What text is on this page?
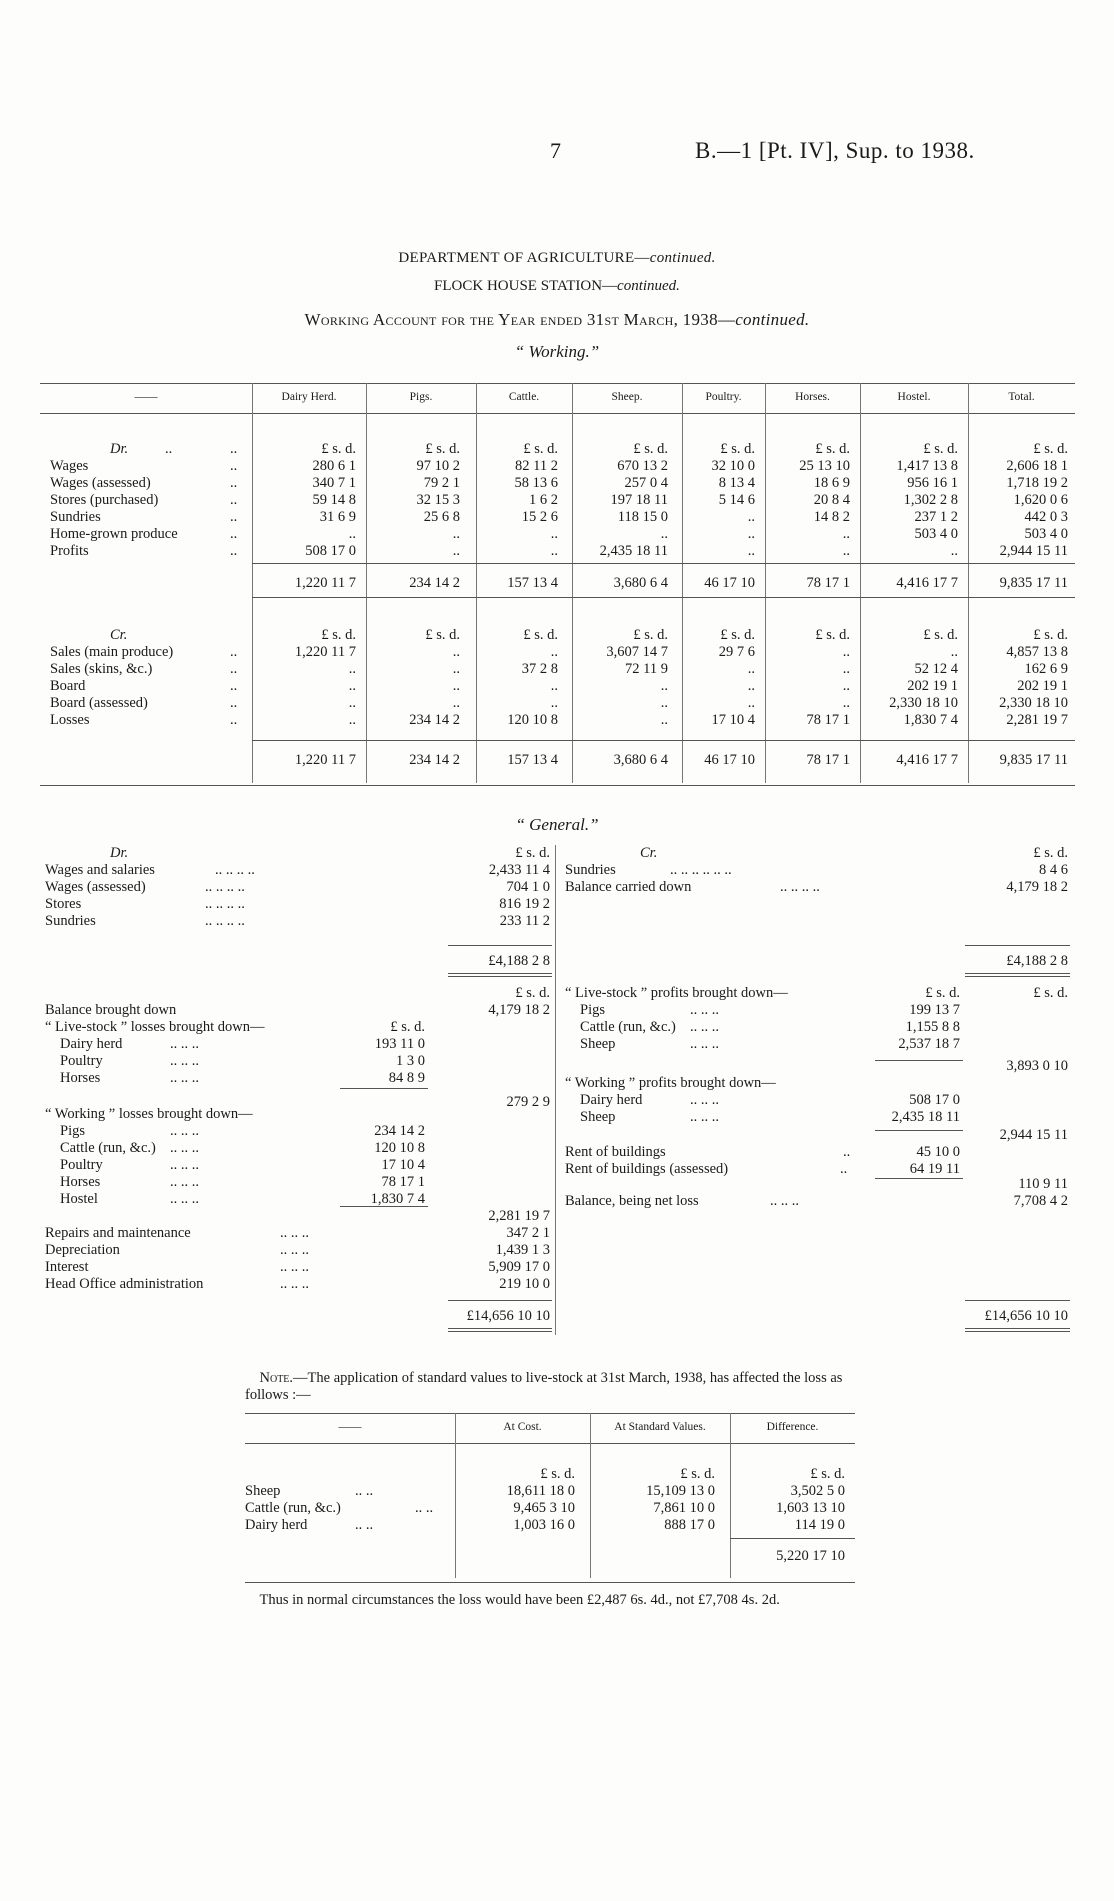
7	B.—1 [Pt. IV], Sup. to 1938.
DEPARTMENT OF AGRICULTURE—continued.
FLOCK HOUSE STATION—continued.
Working Account for the Year ended 31st March, 1938—continued.
“ Working.”
“ General.”
Note.—The application of standard values to live-stock at 31st March, 1938, has affected the loss as follows :—
Thus in normal circumstances the loss would have been £2,487 6s. 4d., not £7,708 4s. 2d.
——	Dairy Herd.	Pigs.	Cattle.	Sheep.	Poultry.	Horses.	Hostel.	Total.
Dr.	..	..	£ s. d.	£ s. d.	£ s. d.	£ s. d.	£ s. d.	£ s. d.	£ s. d.	£ s. d.
Wages	..	280 6 1	97 10 2	82 11 2	670 13 2	32 10 0	25 13 10	1,417 13 8	2,606 18 1
Wages (assessed)	..	340 7 1	79 2 1	58 13 6	257 0 4	8 13 4	18 6 9	956 16 1	1,718 19 2
Stores (purchased)	..	59 14 8	32 15 3	1 6 2	197 18 11	5 14 6	20 8 4	1,302 2 8	1,620 0 6
Sundries	..	31 6 9	25 6 8	15 2 6	118 15 0	..	14 8 2	237 1 2	442 0 3
Home-grown produce	..	..	..	..	..	..	..	503 4 0	503 4 0
Profits	..	508 17 0	..	..	2,435 18 11	..	..	..	2,944 15 11
1,220 11 7	234 14 2	157 13 4	3,680 6 4	46 17 10	78 17 1	4,416 17 7	9,835 17 11
Cr.	£ s. d.	£ s. d.	£ s. d.	£ s. d.	£ s. d.	£ s. d.	£ s. d.	£ s. d.
Sales (main produce)	..	1,220 11 7	..	..	3,607 14 7	29 7 6	..	..	4,857 13 8
Sales (skins, &c.)	..	..	..	37 2 8	72 11 9	..	..	52 12 4	162 6 9
Board	..	..	..	..	..	..	..	202 19 1	202 19 1
Board (assessed)	..	..	..	..	..	..	..	2,330 18 10	2,330 18 10
Losses	..	..	234 14 2	120 10 8	..	17 10 4	78 17 1	1,830 7 4	2,281 19 7
1,220 11 7	234 14 2	157 13 4	3,680 6 4	46 17 10	78 17 1	4,416 17 7	9,835 17 11
Dr.	£ s. d.	Cr.	£ s. d.
Wages and salaries	.. .. .. ..	2,433 11 4
Wages (assessed)	.. .. .. ..	704 1 0
Stores	.. .. .. ..	816 19 2
Sundries	.. .. .. ..	233 11 2
£4,188 2 8
Sundries	.. .. .. .. .. ..	8 4 6
Balance carried down	.. .. .. ..	4,179 18 2
£4,188 2 8
£ s. d.
£ s. d.
Balance brought down	4,179 18 2
“ Live-stock ” losses brought down—
Dairy herd	.. .. ..	193 11 0
Poultry	.. .. ..	1 3 0
Horses	.. .. ..	84 8 9
279 2 9
“ Working ” losses brought down—
Pigs	.. .. ..	234 14 2
Cattle (run, &c.) .. .. ..	120 10 8
Poultry	.. .. ..	17 10 4
Horses	.. .. ..	78 17 1
Hostel	.. .. ..	1,830 7 4
2,281 19 7
Repairs and maintenance	.. .. ..	347 2 1
Depreciation	.. .. ..	1,439 1 3
Interest	.. .. ..	5,909 17 0
Head Office administration	.. .. ..	219 10 0
£14,656 10 10
£ s. d.	£ s. d.
“ Live-stock ” profits brought down—
Pigs	.. .. ..	199 13 7
Cattle (run, &c.) .. .. ..	1,155 8 8
Sheep	.. .. ..	2,537 18 7
3,893 0 10
“ Working ” profits brought down—
Dairy herd	.. .. ..	508 17 0
Sheep	.. .. ..	2,435 18 11
2,944 15 11
Rent of buildings	..	45 10 0
Rent of buildings (assessed)	..	64 19 11
110 9 11
Balance, being net loss	.. .. ..	7,708 4 2
£14,656 10 10
——	At Cost.	At Standard Values.	Difference.
£ s. d.	£ s. d.	£ s. d.
Sheep	.. ..	18,611 18 0	15,109 13 0	3,502 5 0
Cattle (run, &c.)	.. ..	9,465 3 10	7,861 10 0	1,603 13 10
Dairy herd	.. ..	1,003 16 0	888 17 0	114 19 0
5,220 17 10
